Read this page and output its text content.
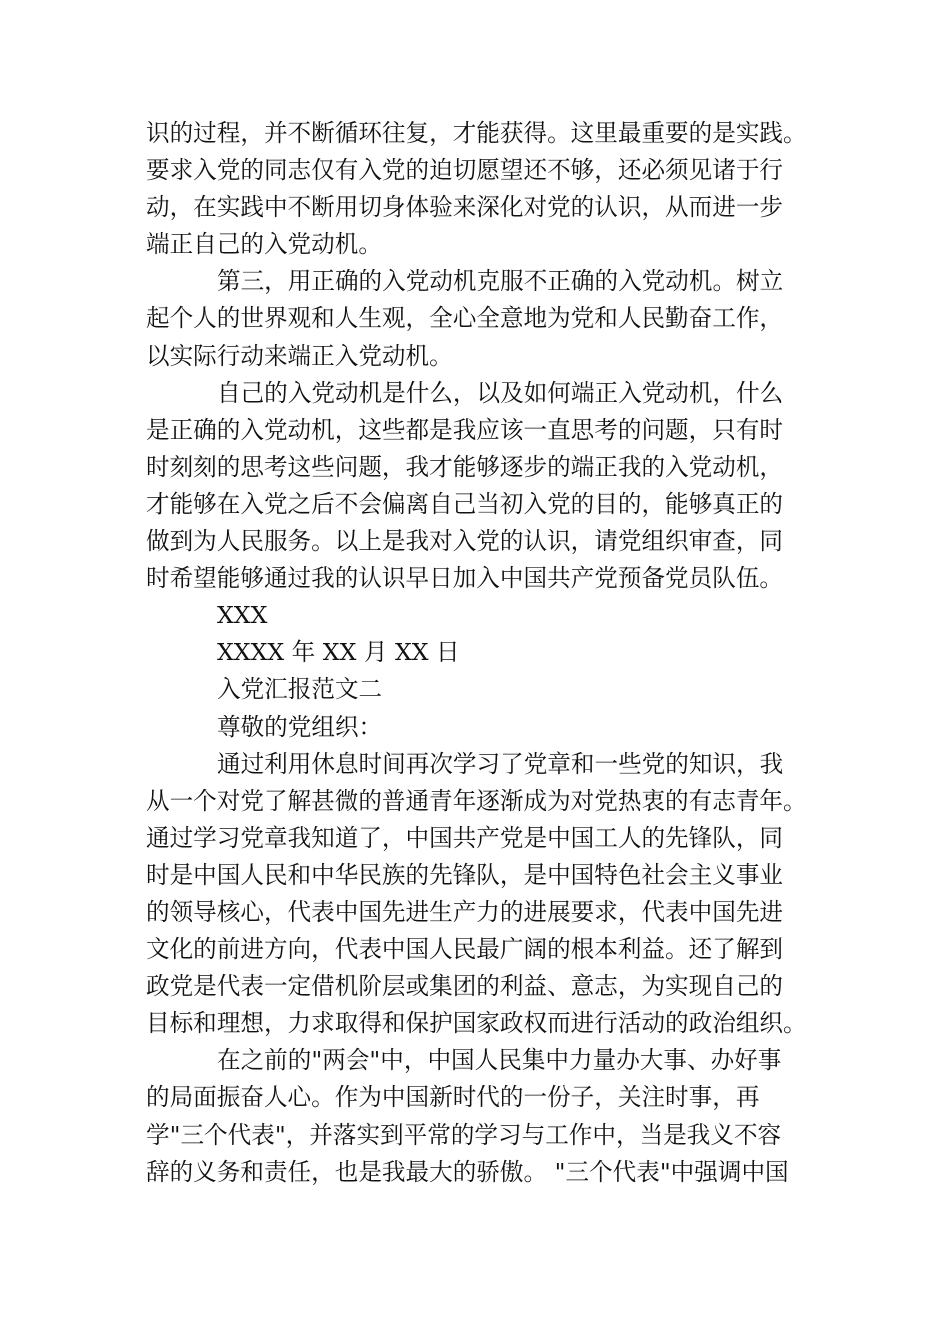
识的过程，并不断循环往复，才能获得。这里最重要的是实践。
要求入党的同志仅有入党的迫切愿望还不够，还必须见诸于行
动，在实践中不断用切身体验来深化对党的认识，从而进一步
端正自己的入党动机。
第三，用正确的入党动机克服不正确的入党动机。树立
起个人的世界观和人生观，全心全意地为党和人民勤奋工作，
以实际行动来端正入党动机。
自己的入党动机是什么，以及如何端正入党动机，什么
是正确的入党动机，这些都是我应该一直思考的问题，只有时
时刻刻的思考这些问题，我才能够逐步的端正我的入党动机，
才能够在入党之后不会偏离自己当初入党的目的，能够真正的
做到为人民服务。以上是我对入党的认识，请党组织审查，同
时希望能够通过我的认识早日加入中国共产党预备党员队伍。
XXX
XXXX 年 XX 月 XX 日
入党汇报范文二
尊敬的党组织：
通过利用休息时间再次学习了党章和一些党的知识，我
从一个对党了解甚微的普通青年逐渐成为对党热衷的有志青年。
通过学习党章我知道了，中国共产党是中国工人的先锋队，同
时是中国人民和中华民族的先锋队，是中国特色社会主义事业
的领导核心，代表中国先进生产力的进展要求，代表中国先进
文化的前进方向，代表中国人民最广阔的根本利益。还了解到
政党是代表一定借机阶层或集团的利益、意志，为实现自己的
目标和理想，力求取得和保护国家政权而进行活动的政治组织。
在之前的"两会"中，中国人民集中力量办大事、办好事
的局面振奋人心。作为中国新时代的一份子，关注时事，再
学"三个代表"，并落实到平常的学习与工作中，当是我义不容
辞的义务和责任，也是我最大的骄傲。 "三个代表"中强调中国
